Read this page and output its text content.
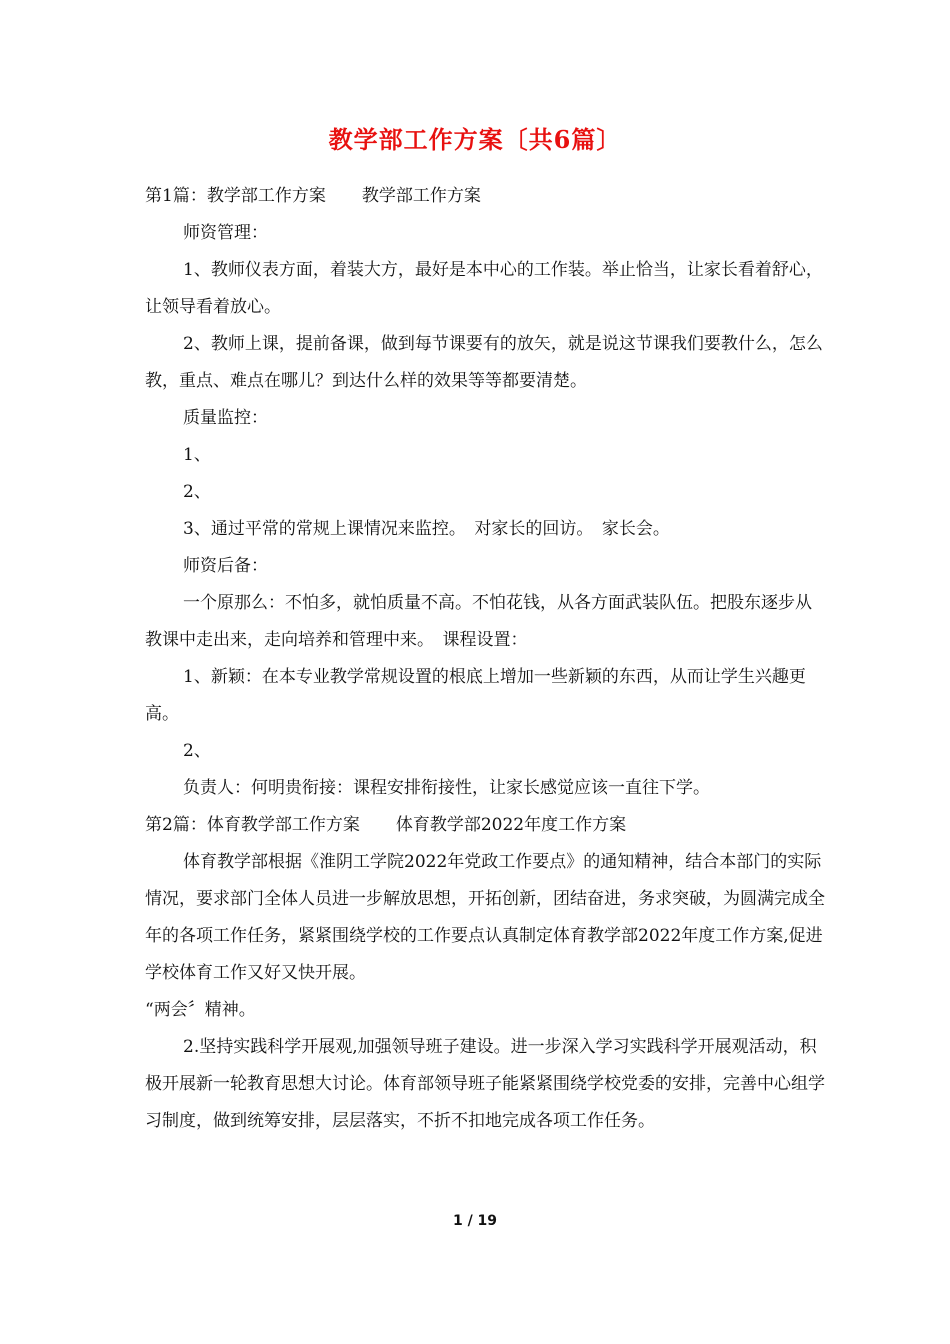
教学部工作方案〔共6篇〕

第1篇：教学部工作方案 教学部工作方案

师资管理：

1、教师仪表方面，着装大方，最好是本中心的工作装。举止恰当，让家长看着舒心，让领导看着放心。

2、教师上课，提前备课，做到每节课要有的放矢，就是说这节课我们要教什么，怎么教，重点、难点在哪儿？到达什么样的效果等等都要清楚。

质量监控：

1、

2、

3、通过平常的常规上课情况来监控。　对家长的回访。　家长会。

师资后备：

一个原那么：不怕多，就怕质量不高。不怕花钱，从各方面武装队伍。把股东逐步从教课中走出来，走向培养和管理中来。　课程设置：

1、新颖：在本专业教学常规设置的根底上增加一些新颖的东西，从而让学生兴趣更高。

2、

负责人：何明贵衔接：课程安排衔接性，让家长感觉应该一直往下学。

第2篇：体育教学部工作方案 体育教学部2022年度工作方案

体育教学部根据《淮阴工学院2022年党政工作要点》的通知精神，结合本部门的实际情况，要求部门全体人员进一步解放思想，开拓创新，团结奋进，务求突破，为圆满完成全年的各项工作任务，紧紧围绕学校的工作要点认真制定体育教学部2022年度工作方案,促进学校体育工作又好又快开展。

“两会〞精神。

2.坚持实践科学开展观,加强领导班子建设。进一步深入学习实践科学开展观活动，积极开展新一轮教育思想大讨论。体育部领导班子能紧紧围绕学校党委的安排，完善中心组学习制度，做到统筹安排，层层落实，不折不扣地完成各项工作任务。

1 / 19
